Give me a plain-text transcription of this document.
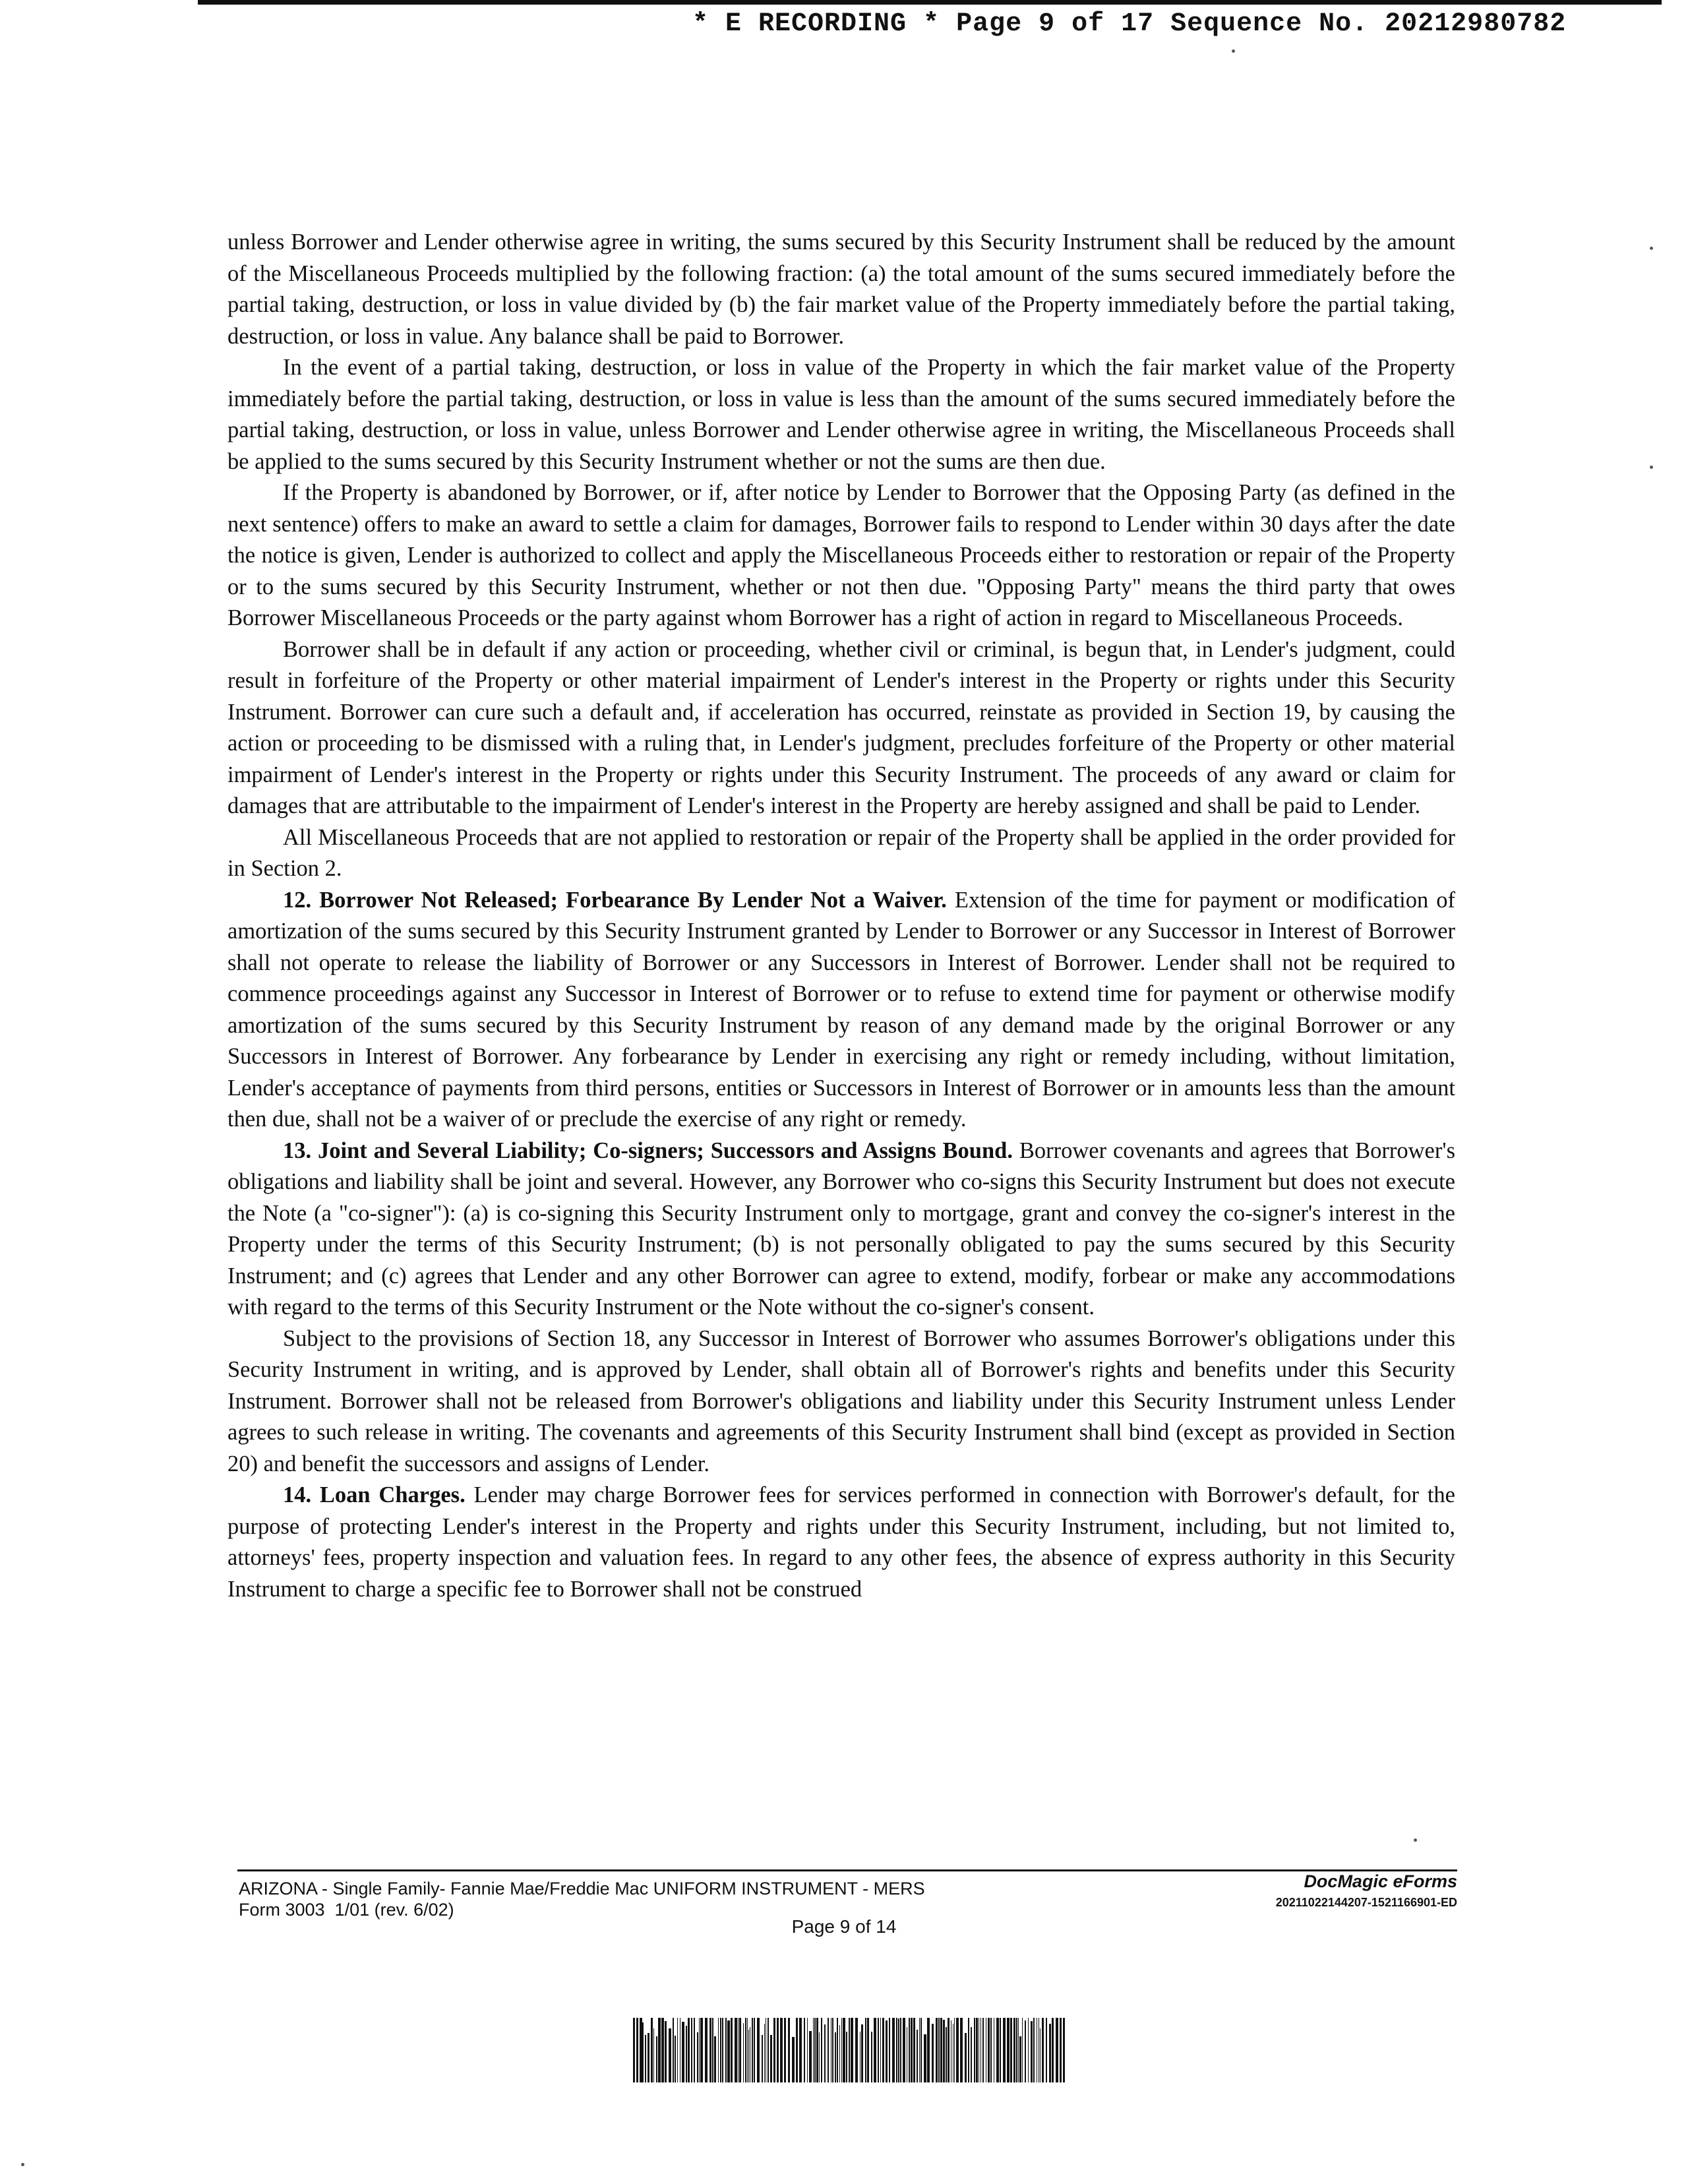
* E RECORDING * Page 9 of 17 Sequence No. 20212980782

unless Borrower and Lender otherwise agree in writing, the sums secured by this Security Instrument shall be reduced by the amount of the Miscellaneous Proceeds multiplied by the following fraction: (a) the total amount of the sums secured immediately before the partial taking, destruction, or loss in value divided by (b) the fair market value of the Property immediately before the partial taking, destruction, or loss in value. Any balance shall be paid to Borrower.

In the event of a partial taking, destruction, or loss in value of the Property in which the fair market value of the Property immediately before the partial taking, destruction, or loss in value is less than the amount of the sums secured immediately before the partial taking, destruction, or loss in value, unless Borrower and Lender otherwise agree in writing, the Miscellaneous Proceeds shall be applied to the sums secured by this Security Instrument whether or not the sums are then due.

If the Property is abandoned by Borrower, or if, after notice by Lender to Borrower that the Opposing Party (as defined in the next sentence) offers to make an award to settle a claim for damages, Borrower fails to respond to Lender within 30 days after the date the notice is given, Lender is authorized to collect and apply the Miscellaneous Proceeds either to restoration or repair of the Property or to the sums secured by this Security Instrument, whether or not then due. "Opposing Party" means the third party that owes Borrower Miscellaneous Proceeds or the party against whom Borrower has a right of action in regard to Miscellaneous Proceeds.

Borrower shall be in default if any action or proceeding, whether civil or criminal, is begun that, in Lender's judgment, could result in forfeiture of the Property or other material impairment of Lender's interest in the Property or rights under this Security Instrument. Borrower can cure such a default and, if acceleration has occurred, reinstate as provided in Section 19, by causing the action or proceeding to be dismissed with a ruling that, in Lender's judgment, precludes forfeiture of the Property or other material impairment of Lender's interest in the Property or rights under this Security Instrument. The proceeds of any award or claim for damages that are attributable to the impairment of Lender's interest in the Property are hereby assigned and shall be paid to Lender.

All Miscellaneous Proceeds that are not applied to restoration or repair of the Property shall be applied in the order provided for in Section 2.

12. Borrower Not Released; Forbearance By Lender Not a Waiver. Extension of the time for payment or modification of amortization of the sums secured by this Security Instrument granted by Lender to Borrower or any Successor in Interest of Borrower shall not operate to release the liability of Borrower or any Successors in Interest of Borrower. Lender shall not be required to commence proceedings against any Successor in Interest of Borrower or to refuse to extend time for payment or otherwise modify amortization of the sums secured by this Security Instrument by reason of any demand made by the original Borrower or any Successors in Interest of Borrower. Any forbearance by Lender in exercising any right or remedy including, without limitation, Lender's acceptance of payments from third persons, entities or Successors in Interest of Borrower or in amounts less than the amount then due, shall not be a waiver of or preclude the exercise of any right or remedy.

13. Joint and Several Liability; Co-signers; Successors and Assigns Bound. Borrower covenants and agrees that Borrower's obligations and liability shall be joint and several. However, any Borrower who co-signs this Security Instrument but does not execute the Note (a "co-signer"): (a) is co-signing this Security Instrument only to mortgage, grant and convey the co-signer's interest in the Property under the terms of this Security Instrument; (b) is not personally obligated to pay the sums secured by this Security Instrument; and (c) agrees that Lender and any other Borrower can agree to extend, modify, forbear or make any accommodations with regard to the terms of this Security Instrument or the Note without the co-signer's consent.

Subject to the provisions of Section 18, any Successor in Interest of Borrower who assumes Borrower's obligations under this Security Instrument in writing, and is approved by Lender, shall obtain all of Borrower's rights and benefits under this Security Instrument. Borrower shall not be released from Borrower's obligations and liability under this Security Instrument unless Lender agrees to such release in writing. The covenants and agreements of this Security Instrument shall bind (except as provided in Section 20) and benefit the successors and assigns of Lender.

14. Loan Charges. Lender may charge Borrower fees for services performed in connection with Borrower's default, for the purpose of protecting Lender's interest in the Property and rights under this Security Instrument, including, but not limited to, attorneys' fees, property inspection and valuation fees. In regard to any other fees, the absence of express authority in this Security Instrument to charge a specific fee to Borrower shall not be construed

ARIZONA - Single Family- Fannie Mae/Freddie Mac UNIFORM INSTRUMENT - MERS
Form 3003  1/01 (rev. 6/02)
DocMagic eForms
20211022144207-1521166901-ED
Page 9 of 14
